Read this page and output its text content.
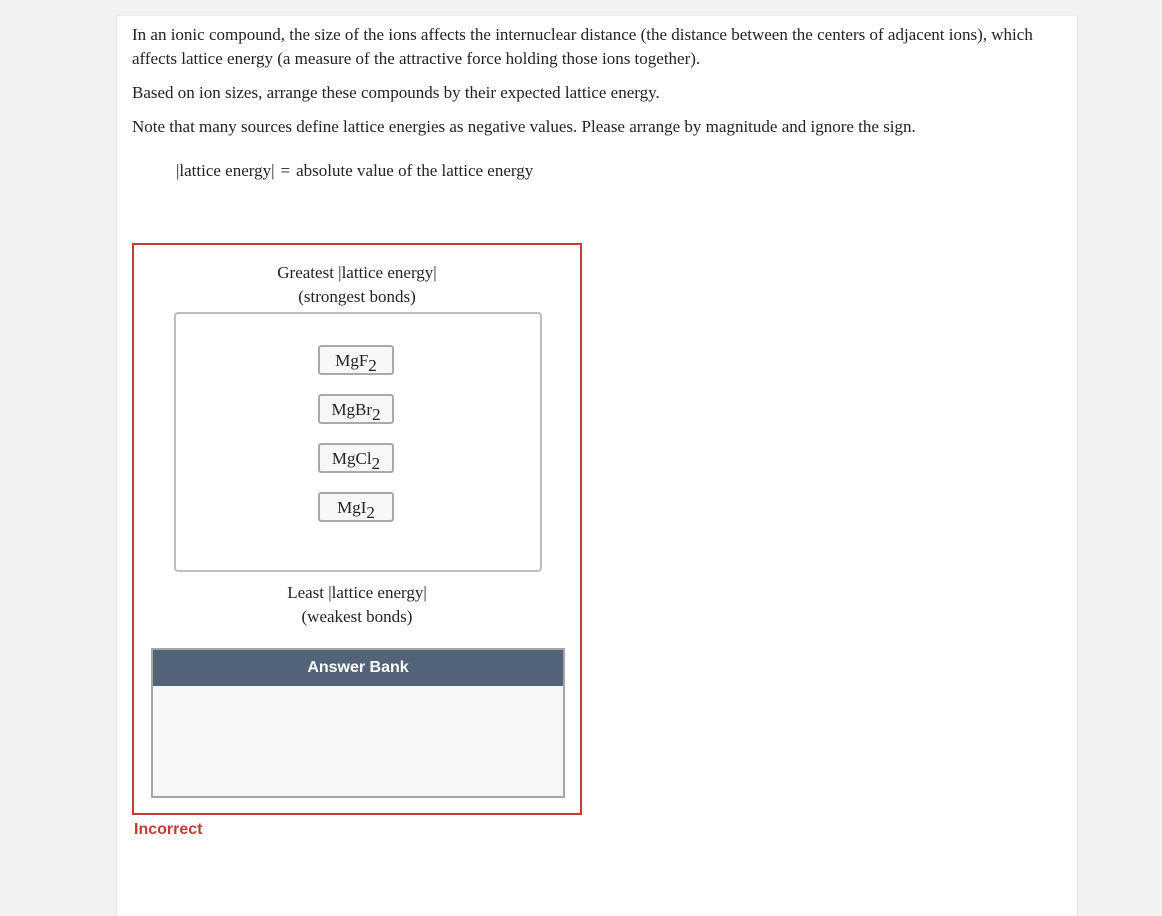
In an ionic compound, the size of the ions affects the internuclear distance (the distance between the centers of adjacent ions), which affects lattice energy (a measure of the attractive force holding those ions together).

Based on ion sizes, arrange these compounds by their expected lattice energy.

Note that many sources define lattice energies as negative values. Please arrange by magnitude and ignore the sign.

|lattice energy| = absolute value of the lattice energy
Greatest |lattice energy|
(strongest bonds)
MgF$_2$
MgBr$_2$
MgCl$_2$
MgI$_2$
Least |lattice energy|
(weakest bonds)
Answer Bank
Incorrect
